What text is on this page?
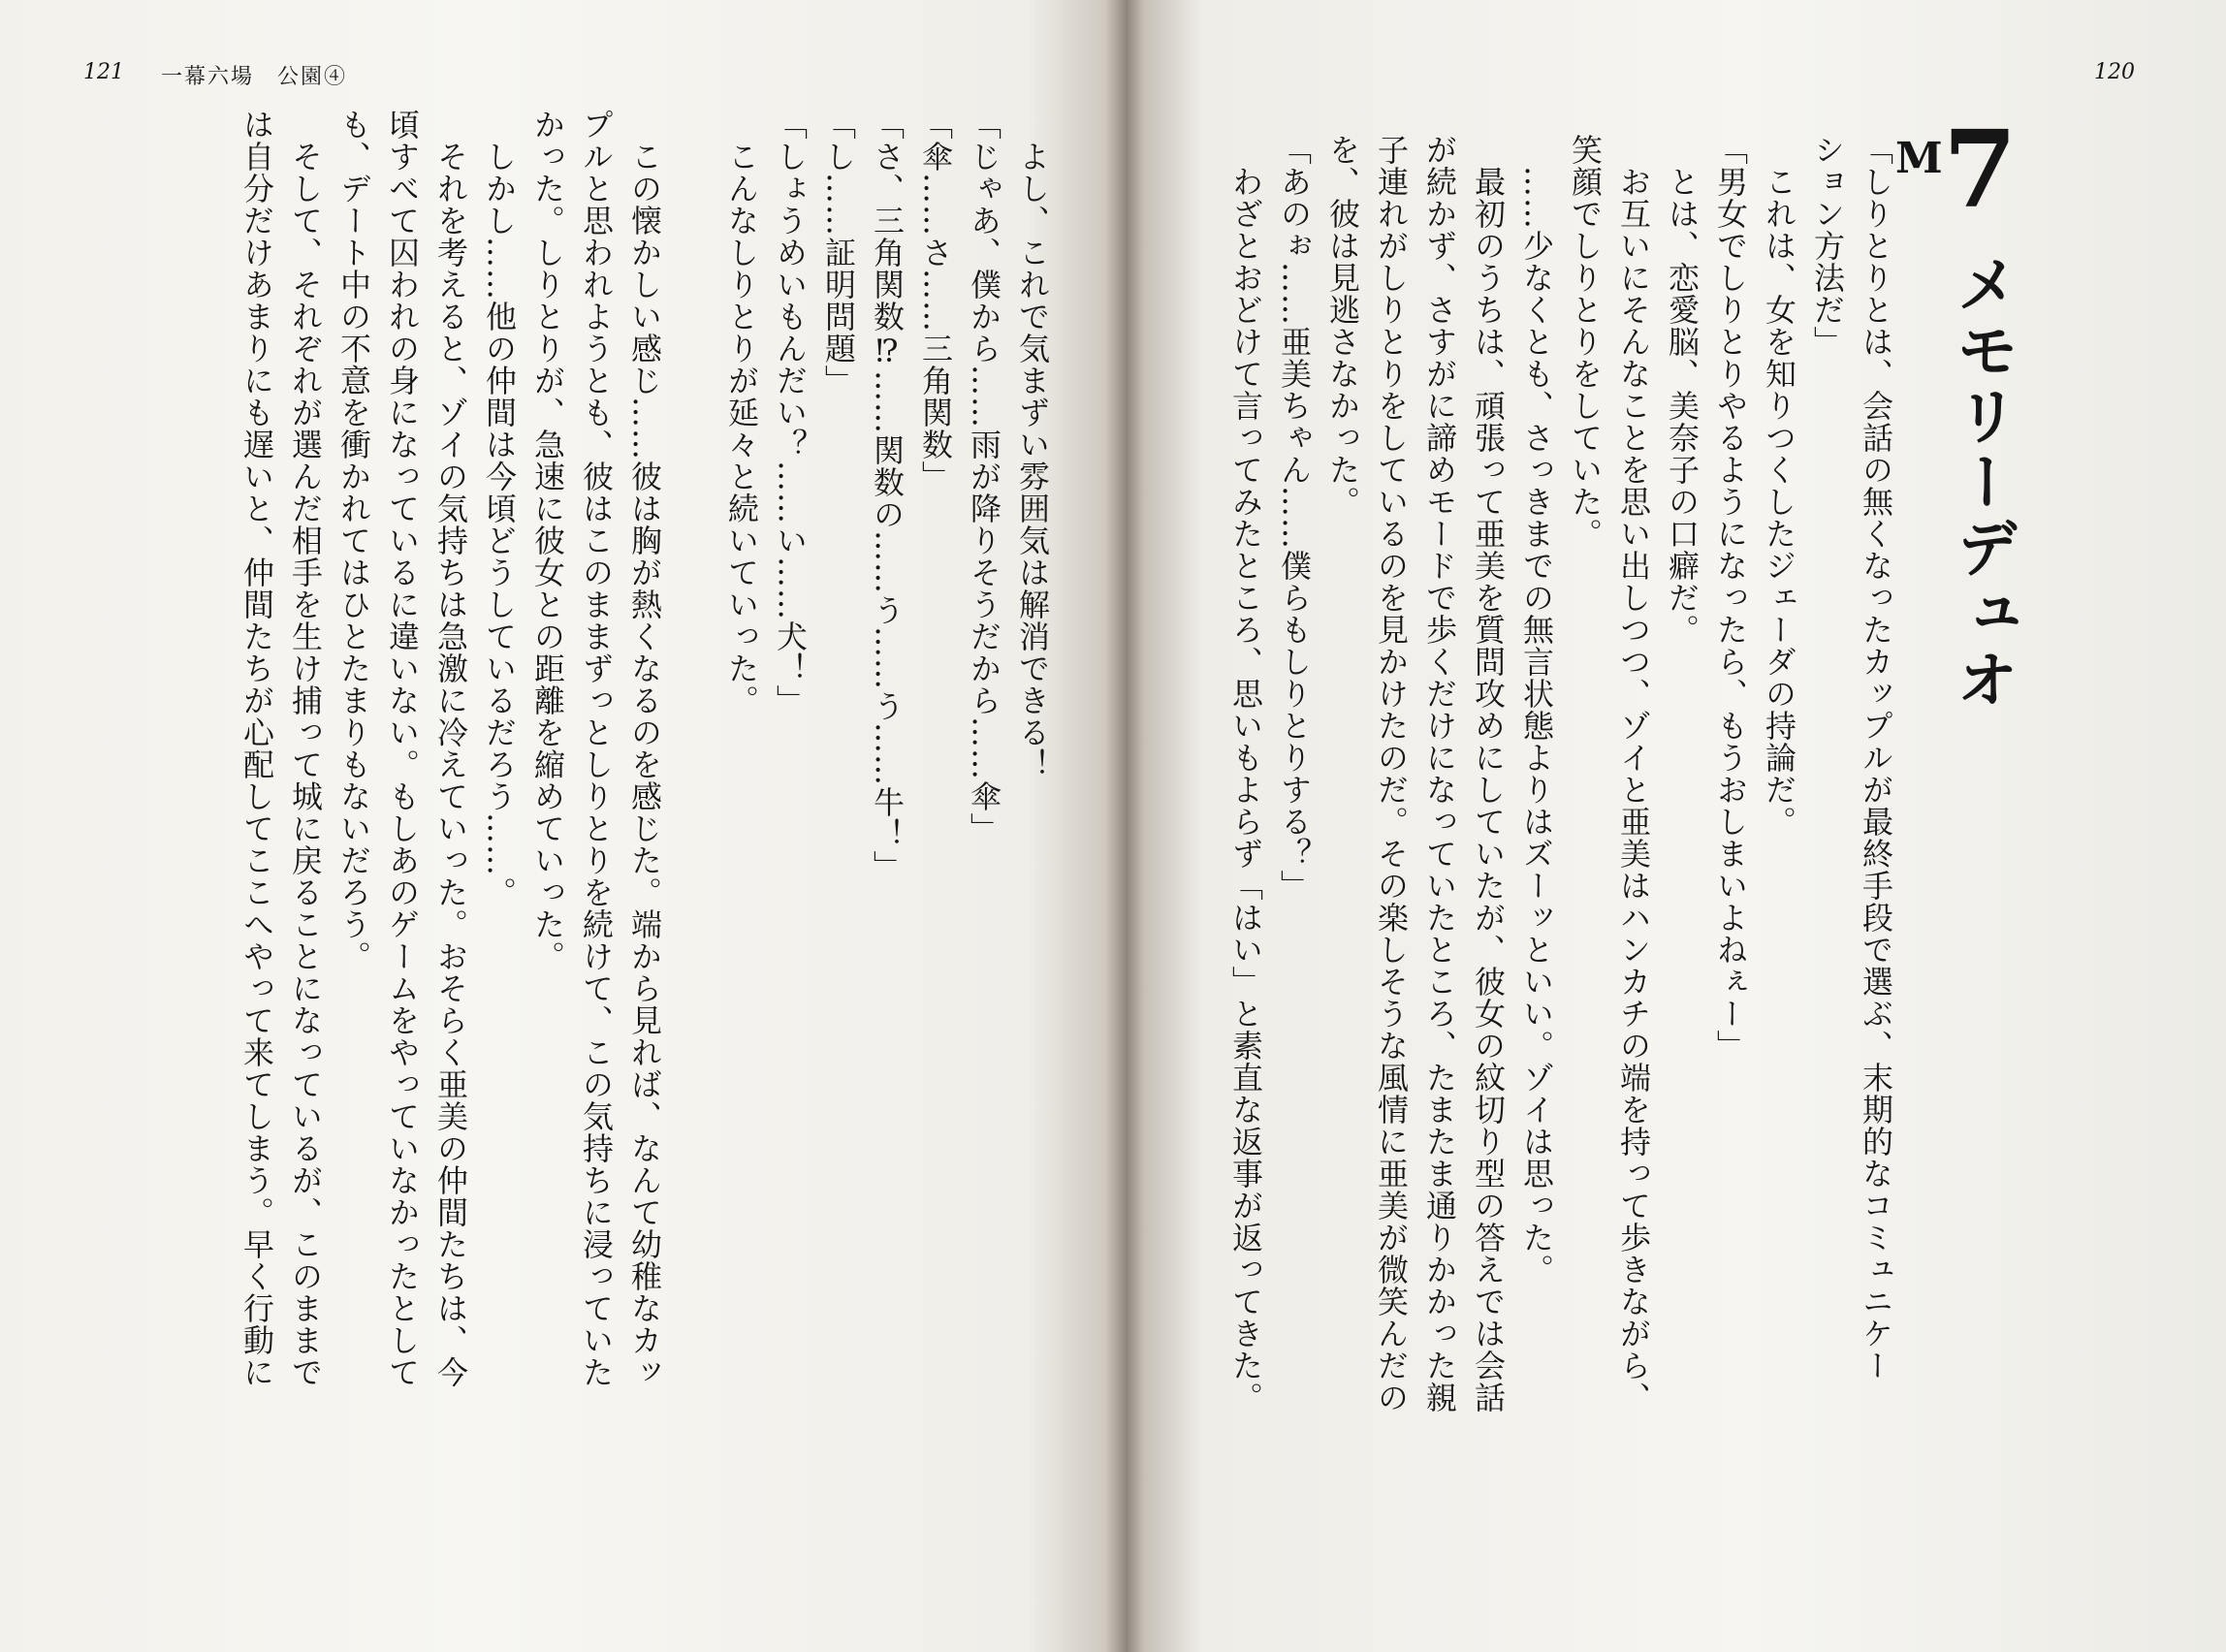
121 一幕六場　公園④
　よし、これで気まずい雰囲気は解消できる！
「じゃあ、僕から……雨が降りそうだから……傘」
「傘……さ……三角関数」
「さ、三角関数⁉……関数の……う……う……牛！」
「し……証明問題」
「しょうめいもんだい？……い……犬！」
　こんなしりとりが延々と続いていった。

　この懐かしい感じ……彼は胸が熱くなるのを感じた。端から見れば、なんて幼稚なカッ
プルと思われようとも、彼はこのままずっとしりとりを続けて、この気持ちに浸っていた
かった。しりとりが、急速に彼女との距離を縮めていった。
　しかし……他の仲間は今頃どうしているだろう……。
　それを考えると、ゾイの気持ちは急激に冷えていった。おそらく亜美の仲間たちは、今
頃すべて囚われの身になっているに違いない。もしあのゲームをやっていなかったとして
も、デート中の不意を衝かれてはひとたまりもないだろう。
　そして、それぞれが選んだ相手を生け捕って城に戻ることになっているが、このままで
は自分だけあまりにも遅いと、仲間たちが心配してここへやって来てしまう。早く行動に
120
M 7
メモリーデュオ
「しりとりとは、会話の無くなったカップルが最終手段で選ぶ、末期的なコミュニケー
ション方法だ」
　これは、女を知りつくしたジェーダの持論だ。
「男女でしりとりやるようになったら、もうおしまいよねぇー」
　とは、恋愛脳、美奈子の口癖だ。
　お互いにそんなことを思い出しつつ、ゾイと亜美はハンカチの端を持って歩きながら、
笑顔でしりとりをしていた。
　……少なくとも、さっきまでの無言状態よりはズーッといい。ゾイは思った。
　最初のうちは、頑張って亜美を質問攻めにしていたが、彼女の紋切り型の答えでは会話
が続かず、さすがに諦めモードで歩くだけになっていたところ、たまたま通りかかった親
子連れがしりとりをしているのを見かけたのだ。その楽しそうな風情に亜美が微笑んだの
を、彼は見逃さなかった。
「あのぉ……亜美ちゃん……僕らもしりとりする？」
　わざとおどけて言ってみたところ、思いもよらず「はい」と素直な返事が返ってきた。
